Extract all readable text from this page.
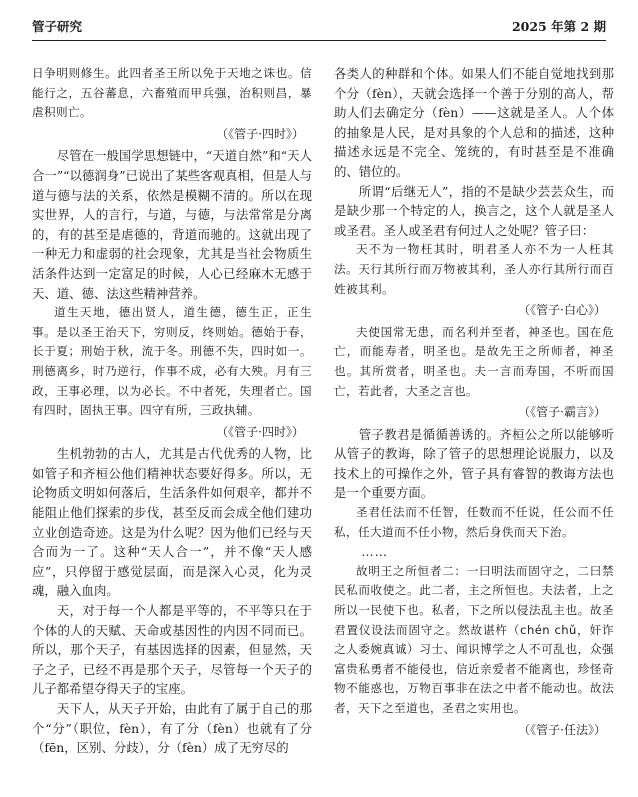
管子研究	2025 年第 2 期

日争明则修生。此四者圣王所以免于天地之诛也。信能行之，五谷蕃息，六畜殖而甲兵强，治积则昌，暴虐积则亡。

（《管子·四时》）

尽管在一般国学思想链中，“天道自然”和“天人合一”“以德润身”已说出了某些客观真相，但是人与道与德与法的关系，依然是模糊不清的。所以在现实世界，人的言行，与道，与德，与法常常是分离的，有的甚至是虐德的，背道而驰的。这就出现了一种无力和虚弱的社会现象，尤其是当社会物质生活条件达到一定富足的时候，人心已经麻木无感于天、道、德、法这些精神营养。

道生天地，德出贤人，道生德，德生正，正生事。是以圣王治天下，穷则反，终则始。德始于春，长于夏；刑始于秋，流于冬。刑德不失，四时如一。刑德离乡，时乃逆行，作事不成，必有大殃。月有三政，王事必理，以为必长。不中者死，失理者亡。国有四时，固执王事。四守有所，三政执辅。

（《管子·四时》）

生机勃勃的古人，尤其是古代优秀的人物，比如管子和齐桓公他们精神状态要好得多。所以，无论物质文明如何落后，生活条件如何艰辛，都并不能阻止他们探索的步伐，甚至反而会成全他们建功立业创造奇迹。这是为什么呢？因为他们已经与天合而为一了。这种“天人合一”，并不像“天人感应”，只停留于感觉层面，而是深入心灵，化为灵魂，融入血肉。

天，对于每一个人都是平等的，不平等只在于个体的人的天赋、天命或基因性的内因不同而已。所以，那个天子，有基因选择的因素，但显然，天子之子，已经不再是那个天子，尽管每一个天子的儿子都希望夺得天子的宝座。

天下人，从天子开始，由此有了属于自己的那个“分”（职位，fèn），有了分（fèn）也就有了分（fēn，区别、分歧），分（fèn）成了无穷尽的

各类人的种群和个体。如果人们不能自觉地找到那个分（fèn），天就会选择一个善于分别的高人，帮助人们去确定分（fèn）——这就是圣人。人个体的抽象是人民，是对具象的个人总和的描述，这种描述永远是不完全、笼统的，有时甚至是不准确的、错位的。

所谓“后继无人”，指的不是缺少芸芸众生，而是缺少那一个特定的人，换言之，这个人就是圣人或圣君。圣人或圣君有何过人之处呢？管子曰：

天不为一物枉其时，明君圣人亦不为一人枉其法。天行其所行而万物被其利，圣人亦行其所行而百姓被其利。

（《管子·白心》）

夫使国常无患，而名利并至者，神圣也。国在危亡，而能寿者，明圣也。是故先王之所师者，神圣也。其所赏者，明圣也。夫一言而寿国，不听而国亡，若此者，大圣之言也。

（《管子·霸言》）

管子教君是循循善诱的。齐桓公之所以能够听从管子的教诲，除了管子的思想理论说服力，以及技术上的可操作之外，管子具有睿智的教诲方法也是一个重要方面。

圣君任法而不任智，任数而不任说，任公而不任私，任大道而不任小物，然后身佚而天下治。

……

故明王之所恒者二：一曰明法而固守之，二曰禁民私而收使之。此二者，主之所恒也。夫法者，上之所以一民使下也。私者，下之所以侵法乱主也。故圣君置仪设法而固守之。然故谌杵（chén chǔ，奸诈之人委婉真诚）习士、闻识博学之人不可乱也，众强富贵私勇者不能侵也，信近亲爱者不能离也，珍怪奇物不能惑也，万物百事非在法之中者不能动也。故法者，天下之至道也，圣君之实用也。

（《管子·任法》）
